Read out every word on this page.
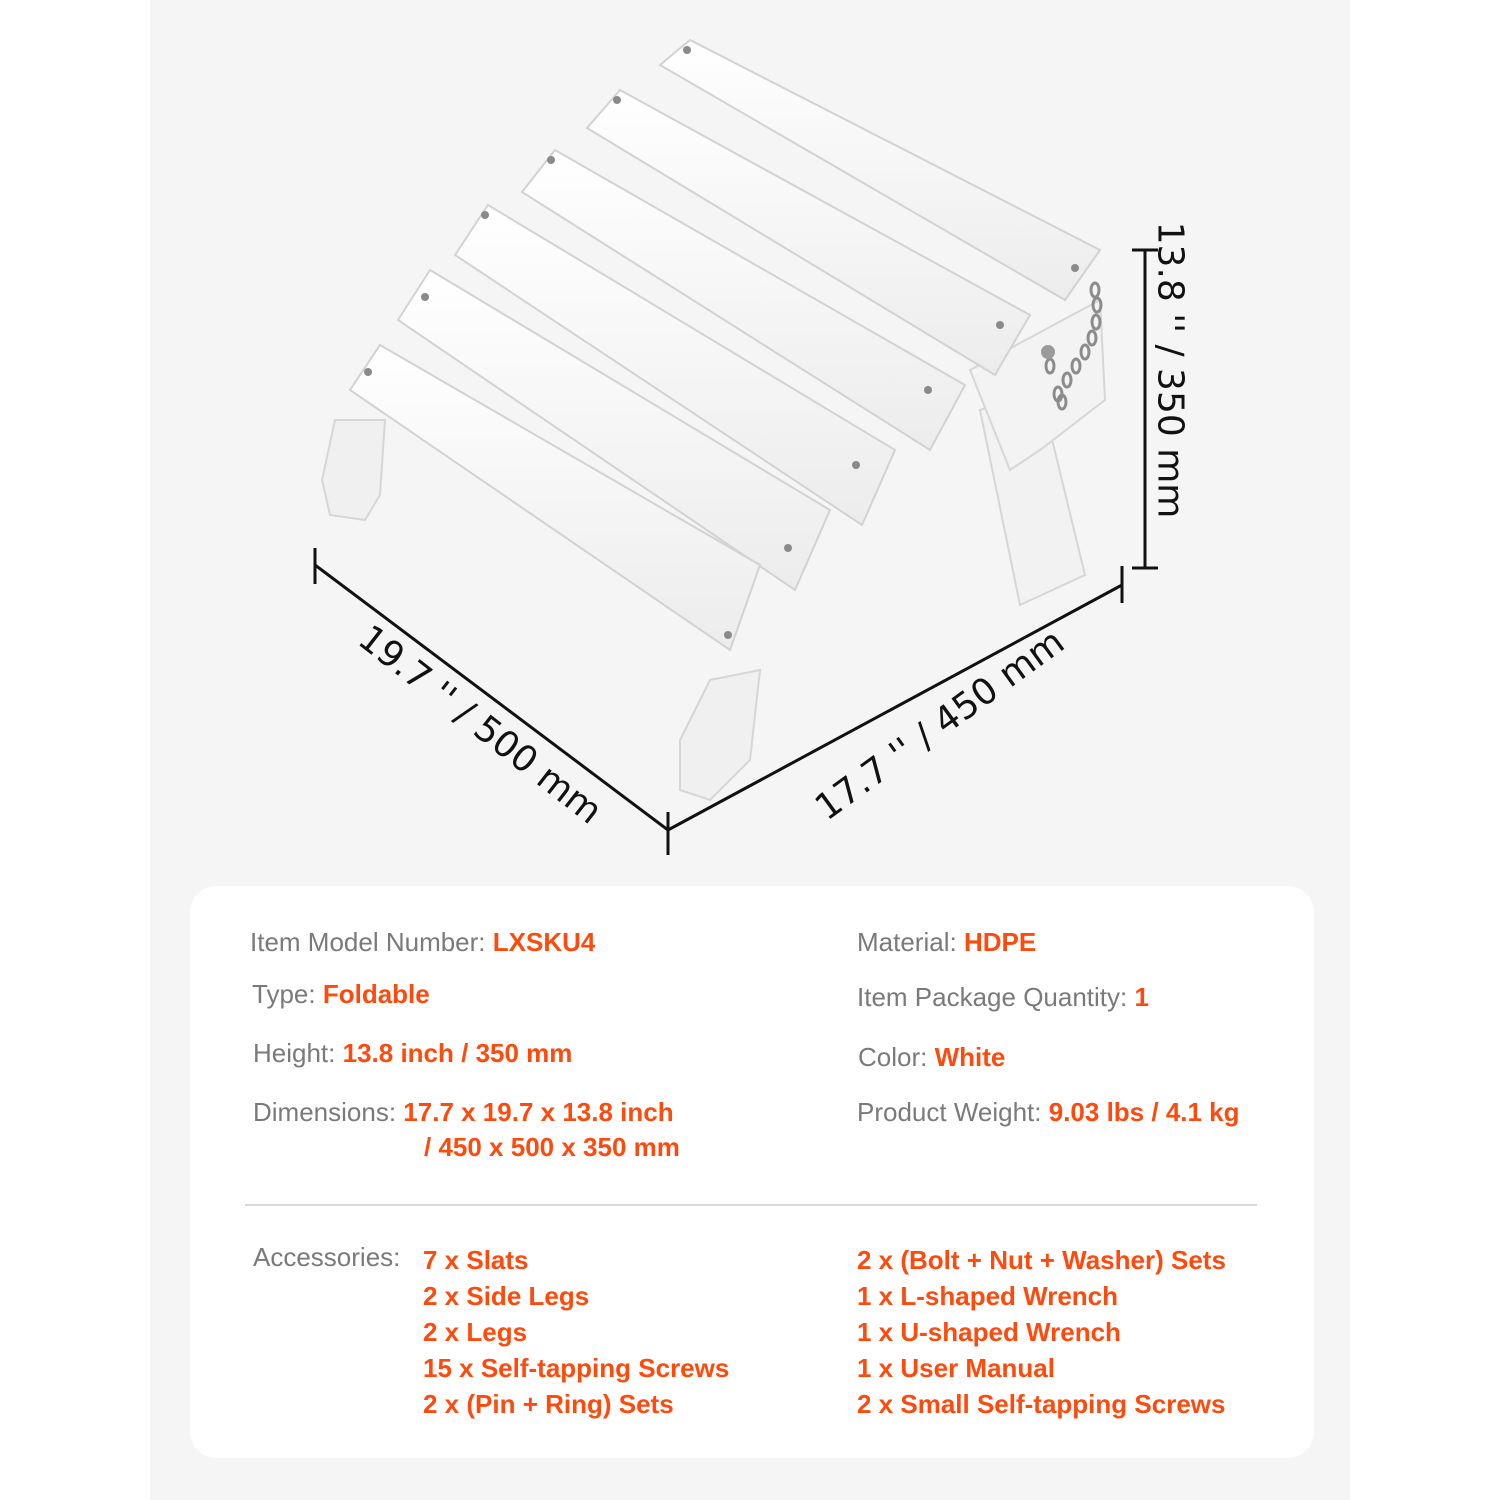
13.8 '' / 350 mm
19.7 '' / 500 mm	17.7 '' / 450 mm
Item Model Number: LXSKU4
Type: Foldable
Height: 13.8 inch / 350 mm
Dimensions: 17.7 x 19.7 x 13.8 inch
/ 450 x 500 x 350 mm
Material: HDPE
Item Package Quantity: 1
Color: White
Product Weight: 9.03 lbs / 4.1 kg
Accessories: 7 x Slats
2 x Side Legs
2 x Legs
15 x Self-tapping Screws
2 x (Pin + Ring) Sets
2 x (Bolt + Nut + Washer) Sets
1 x L-shaped Wrench
1 x U-shaped Wrench
1 x User Manual
2 x Small Self-tapping Screws
